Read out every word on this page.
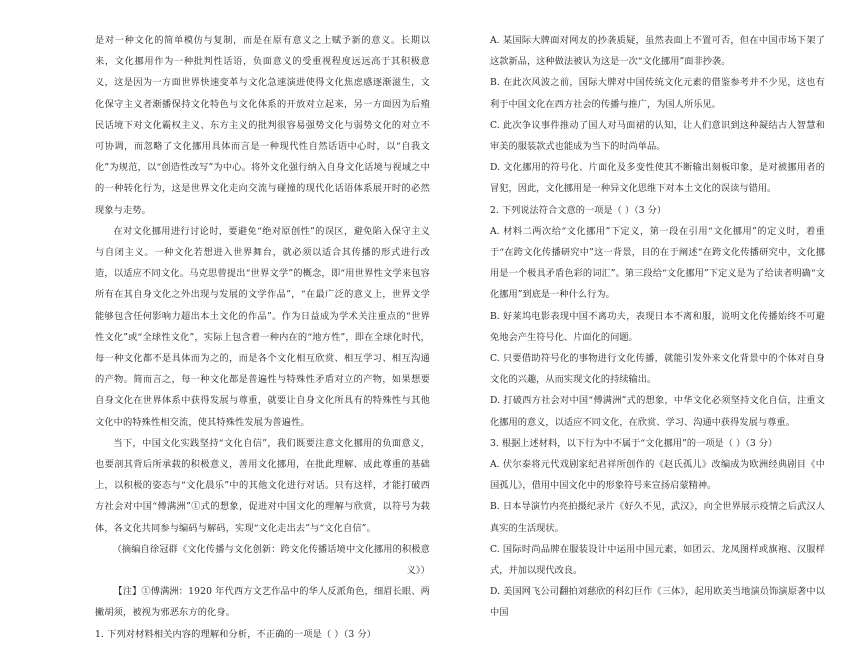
是对一种文化的简单模仿与复制，而是在原有意义之上赋予新的意义。长期以来，文化挪用作为一种批判性话语，负面意义的受重视程度远远高于其积极意义，这是因为一方面世界快速变革与文化急速演进使得文化焦虑感逐渐滋生，文化保守主义者渐播保持文化特色与文化体系的开放对立起来，另一方面因为后殖民话境下对文化霸权主义、东方主义的批判很容易强势文化与弱势文化的对立不可协调，而忽略了文化挪用具体而言是一种现代性自然话语中心时，以“自我文化”为规范，以“创造性改写”为中心。将外文化强行纳入自身文化话境与视域之中的一种转化行为，这是世界文化走向交流与碰撞的现代化话语体系展开时的必然现象与走势。

在对文化挪用进行讨论时，要避免“绝对原创性”的误区，避免陷入保守主义与自闭主义。一种文化若想进入世界舞台，就必须以适合其传播的形式进行改造，以适应不同文化。马克思曾提出“世界文学”的概念，即“用世界性文学来包容所有在其自身文化之外出现与发展的文学作品”，“在最广泛的意义上，世界文学能够包含任何影响力超出本土文化的作品”。作为日益成为学术关注重点的“世界性文化”或“全球性文化”，实际上包含着一种内在的“地方性”，即在全球化时代，每一种文化都不是具体而为之的，而是各个文化相互欣赏、相互学习、相互沟通的产物。简而言之，每一种文化都是普遍性与特殊性矛盾对立的产物，如果想要自身文化在世界体系中获得发展与尊重，就要让自身文化所具有的特殊性与其他文化中的特殊性相交流，使其特殊性发展为普遍性。

当下，中国文化实践坚持“文化自信”，我们既要注意文化挪用的负面意义，也要剖其背后所承载的积极意义，善用文化挪用，在批此理解、成此尊重的基础上，以积极的姿态与“文化晨乐”中的其他文化进行对话。只有这样，才能打破西方社会对中国“傅满洲”①式的想象，促进对中国文化的理解与欣赏，以符号为载体，各文化共同参与编码与解码，实现“文化走出去”与“文化自信”。

（摘编自徐冠群《文化传播与文化创新：跨文化传播话境中文化挪用的积极意义》）

【注】①傅满洲：1920 年代西方文艺作品中的华人反派角色，细眉长眼、两撇胡须，被视为邪恶东方的化身。

1. 下列对材料相关内容的理解和分析，不正确的一项是（ ）（3 分）

A. 某国际大牌面对网友的抄袭质疑，虽然表面上不置可否，但在中国市场下架了这款新品，这种做法被认为这是一次“文化挪用”面非抄袭。

B. 在此次风波之前，国际大牌对中国传统文化元素的借鉴参考并不少见，这也有利于中国文化在西方社会的传播与推广，为国人所乐见。

C. 此次争议事件推动了国人对马面裙的认知，让人们意识到这种凝结古人智慧和审美的服装款式也能成为当下的时尚单品。

D. 文化挪用的符号化、片面化及多变性使其不断输出刻板印象，是对被挪用者的冒犯，因此，文化挪用是一种异文化思维下对本土文化的误读与错用。

2. 下列说法符合文意的一项是（ ）（3 分）

A. 材料二两次给“文化挪用”下定义，第一段在引用“文化挪用”的定义时，着重于“在跨文化传播研究中”这一背景，目的在于阐述“在跨文化传播研究中，文化挪用是一个极具矛盾色彩的词汇”。第三段给“文化挪用”下定义是为了给读者明确“文化挪用”到底是一种什么行为。

B. 好莱坞电影表现中国不离功夫，表现日本不离和服，说明文化传播始终不可避免地会产生符号化、片面化的问题。

C. 只要借助符号化的事物进行文化传播，就能引发外来文化背景中的个体对自身文化的兴趣，从而实现文化的持续输出。

D. 打破西方社会对中国“傅满洲”式的想象，中华文化必须坚持文化自信，注重文化挪用的意义，以适应不同文化，在欣赏、学习、沟通中获得发展与尊重。

3. 根据上述材料，以下行为中不属于“文化挪用”的一项是（ ）（3 分）

A. 伏尔泰将元代戏剧家纪君祥所创作的《赵氏孤儿》改编成为欧洲经典剧目《中国孤儿》，借用中国文化中的形象符号来宣扬启蒙精神。

B. 日本导演竹内亮拍摄纪录片《好久不见，武汉》，向全世界展示疫情之后武汉人真实的生活现状。

C. 国际时尚品牌在服装设计中运用中国元素，如团云、龙凤图样或旗袍、汉服样式，并加以现代改良。

D. 美国网飞公司翻拍刘慈欣的科幻巨作《三体》，起用欧美当地演员饰演原著中以中国
